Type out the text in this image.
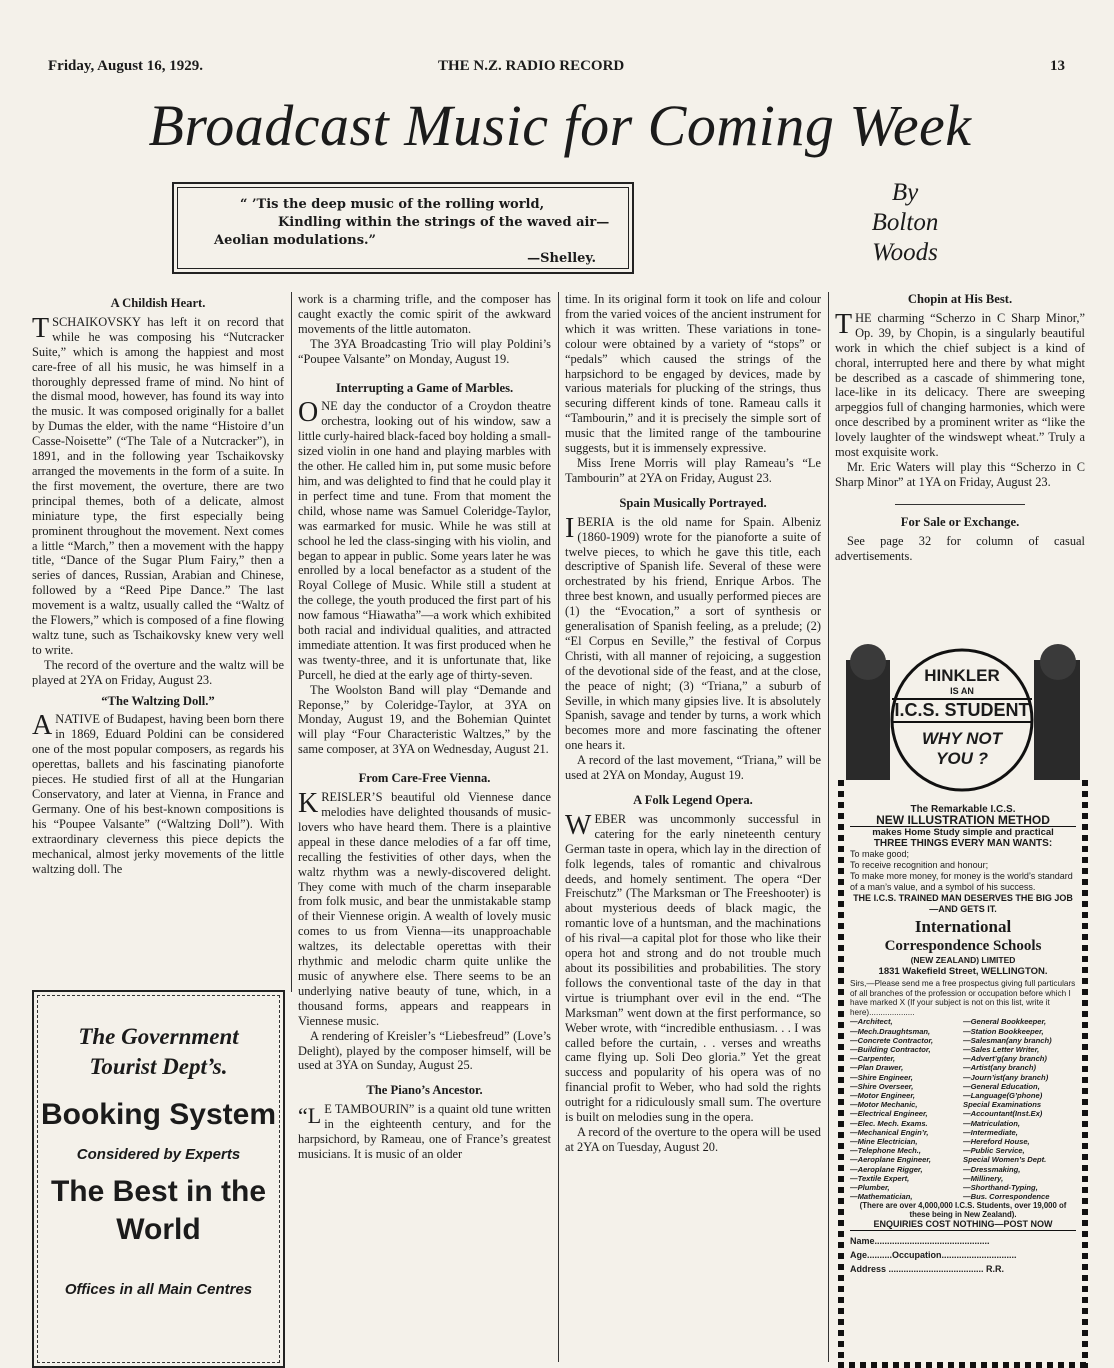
Friday, August 16, 1929.	THE N.Z. RADIO RECORD	13
Broadcast Music for Coming Week
“ ’Tis the deep music of the rolling world,
Kindling within the strings of the waved air—
Aeolian modulations.”
—Shelley.
By
Bolton
Woods
A Childish Heart.

TSCHAIKOVSKY has left it on record that while he was composing his “Nutcracker Suite,” which is among the happiest and most care-free of all his music, he was himself in a thoroughly depressed frame of mind. No hint of the dismal mood, however, has found its way into the music. It was composed originally for a ballet by Dumas the elder, with the name “Histoire d’un Casse-Noisette” (“The Tale of a Nutcracker”), in 1891, and in the following year Tschaikovsky arranged the movements in the form of a suite. In the first movement, the overture, there are two principal themes, both of a delicate, almost miniature type, the first especially being prominent throughout the movement. Next comes a little “March,” then a movement with the happy title, “Dance of the Sugar Plum Fairy,” then a series of dances, Russian, Arabian and Chinese, followed by a “Reed Pipe Dance.” The last movement is a waltz, usually called the “Waltz of the Flowers,” which is composed of a fine flowing waltz tune, such as Tschaikovsky knew very well to write.

The record of the overture and the waltz will be played at 2YA on Friday, August 23.

“The Waltzing Doll.”

A NATIVE of Budapest, having been born there in 1869, Eduard Poldini can be considered one of the most popular composers, as regards his operettas, ballets and his fascinating pianoforte pieces. He studied first of all at the Hungarian Conservatory, and later at Vienna, in France and Germany. One of his best-known compositions is his “Poupee Valsante” (“Waltzing Doll”). With extraordinary cleverness this piece depicts the mechanical, almost jerky movements of the little waltzing doll. The

The Government
Tourist Dept’s.
Booking System
Considered by Experts
The Best in the
World
Offices in all Main Centres

work is a charming trifle, and the composer has caught exactly the comic spirit of the awkward movements of the little automaton.

The 3YA Broadcasting Trio will play Poldini’s “Poupee Valsante” on Monday, August 19.

Interrupting a Game of Marbles.

ONE day the conductor of a Croydon theatre orchestra, looking out of his window, saw a little curly-haired black-faced boy holding a small-sized violin in one hand and playing marbles with the other. He called him in, put some music before him, and was delighted to find that he could play it in perfect time and tune. From that moment the child, whose name was Samuel Coleridge-Taylor, was earmarked for music. While he was still at school he led the class-singing with his violin, and began to appear in public. Some years later he was enrolled by a local benefactor as a student of the Royal College of Music. While still a student at the college, the youth produced the first part of his now famous “Hiawatha”—a work which exhibited both racial and individual qualities, and attracted immediate attention. It was first produced when he was twenty-three, and it is unfortunate that, like Purcell, he died at the early age of thirty-seven.

The Woolston Band will play “Demande and Reponse,” by Coleridge-Taylor, at 3YA on Monday, August 19, and the Bohemian Quintet will play “Four Characteristic Waltzes,” by the same composer, at 3YA on Wednesday, August 21.

From Care-Free Vienna.

KREISLER’S beautiful old Viennese dance melodies have delighted thousands of music-lovers who have heard them. There is a plaintive appeal in these dance melodies of a far off time, recalling the festivities of other days, when the waltz rhythm was a newly-discovered delight. They come with much of the charm inseparable from folk music, and bear the unmistakable stamp of their Viennese origin. A wealth of lovely music comes to us from Vienna—its unapproachable waltzes, its delectable operettas with their rhythmic and melodic charm quite unlike the music of anywhere else. There seems to be an underlying native beauty of tune, which, in a thousand forms, appears and reappears in Viennese music.

A rendering of Kreisler’s “Liebesfreud” (Love’s Delight), played by the composer himself, will be used at 3YA on Sunday, August 25.

The Piano’s Ancestor.

“L E TAMBOURIN” is a quaint old tune written in the eighteenth century, and for the harpsichord, by Rameau, one of France’s greatest musicians. It is music of an older

time. In its original form it took on life and colour from the varied voices of the ancient instrument for which it was written. These variations in tone-colour were obtained by a variety of “stops” or “pedals” which caused the strings of the harpsichord to be engaged by devices, made by various materials for plucking of the strings, thus securing different kinds of tone. Rameau calls it “Tambourin,” and it is precisely the simple sort of music that the limited range of the tambourine suggests, but it is immensely expressive.

Miss Irene Morris will play Rameau’s “Le Tambourin” at 2YA on Friday, August 23.

Spain Musically Portrayed.

IBERIA is the old name for Spain. Albeniz (1860-1909) wrote for the pianoforte a suite of twelve pieces, to which he gave this title, each descriptive of Spanish life. Several of these were orchestrated by his friend, Enrique Arbos. The three best known, and usually performed pieces are (1) the “Evocation,” a sort of synthesis or generalisation of Spanish feeling, as a prelude; (2) “El Corpus en Seville,” the festival of Corpus Christi, with all manner of rejoicing, a suggestion of the devotional side of the feast, and at the close, the peace of night; (3) “Triana,” a suburb of Seville, in which many gipsies live. It is absolutely Spanish, savage and tender by turns, a work which becomes more and more fascinating the oftener one hears it.

A record of the last movement, “Triana,” will be used at 2YA on Monday, August 19.

A Folk Legend Opera.

WEBER was uncommonly successful in catering for the early nineteenth century German taste in opera, which lay in the direction of folk legends, tales of romantic and chivalrous deeds, and homely sentiment. The opera “Der Freischutz” (The Marksman or The Freeshooter) is about mysterious deeds of black magic, the romantic love of a huntsman, and the machinations of his rival—a capital plot for those who like their opera hot and strong and do not trouble much about its possibilities and probabilities. The story follows the conventional taste of the day in that virtue is triumphant over evil in the end. “The Marksman” went down at the first performance, so Weber wrote, with “incredible enthusiasm. . . I was called before the curtain, . . verses and wreaths came flying up. Soli Deo gloria.” Yet the great success and popularity of his opera was of no financial profit to Weber, who had sold the rights outright for a ridiculously small sum. The overture is built on melodies sung in the opera.

A record of the overture to the opera will be used at 2YA on Tuesday, August 20.

Chopin at His Best.

THE charming “Scherzo in C Sharp Minor,” Op. 39, by Chopin, is a singularly beautiful work in which the chief subject is a kind of choral, interrupted here and there by what might be described as a cascade of shimmering tone, lace-like in its delicacy. There are sweeping arpeggios full of changing harmonies, which were once described by a prominent writer as “like the lovely laughter of the windswept wheat.” Truly a most exquisite work.

Mr. Eric Waters will play this “Scherzo in C Sharp Minor” at 1YA on Friday, August 23.

For Sale or Exchange.

See page 32 for column of casual advertisements.

HINKLER
IS AN
I.C.S. STUDENT
WHY NOT
YOU ?
The Remarkable I.C.S.
NEW ILLUSTRATION METHOD
makes Home Study simple and practical
THREE THINGS EVERY MAN WANTS:
To make good;
To receive recognition and honour;
To make more money, for money is the world’s standard of a man’s value, and a symbol of his success.
THE I.C.S. TRAINED MAN DESERVES THE BIG JOB—AND GETS IT.
International
Correspondence Schools
(NEW ZEALAND) LIMITED
1831 Wakefield Street, WELLINGTON.
Sirs,—Please send me a free prospectus giving full particulars of all branches of the profession or occupation before which I have marked X (If your subject is not on this list, write it here)....................
—Architect,
—Mech.Draughtsman,
—Concrete Contractor,
—Building Contractor,
—Carpenter,
—Plan Drawer,
—Shire Engineer,
—Shire Overseer,
—Motor Engineer,
—Motor Mechanic,
—Electrical Engineer,
—Elec. Mech. Exams.
—Mechanical Engin’r,
—Mine Electrician,
—Telephone Mech.,
—Aeroplane Engineer,
—Aeroplane Rigger,
—Textile Expert,
—Plumber,
—Mathematician,
—General Bookkeeper,
—Station Bookkeeper,
—Salesman(any branch)
—Sales Letter Writer,
—Advert’g(any branch)
—Artist(any branch)
—Journ’ist(any branch)
—General Education,
—Language(G’phone)
Special Examinations
—Accountant(Inst.Ex)
—Matriculation,
—Intermediate,
—Hereford House,
—Public Service,
Special Women’s Dept.
—Dressmaking,
—Millinery,
—Shorthand-Typing,
—Bus. Correspondence
(There are over 4,000,000 I.C.S. Students, over 19,000 of these being in New Zealand).
ENQUIRIES COST NOTHING—POST NOW
Name..............................................
Age..........Occupation..............................
Address ...................................... R.R.
